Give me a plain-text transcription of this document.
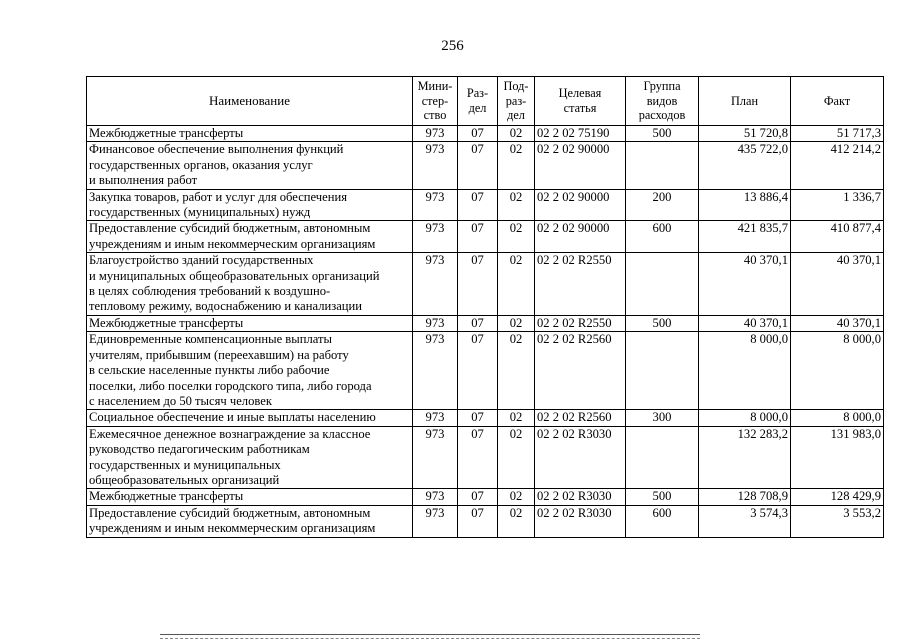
256
Наименование	Мини-
стер-
ство	Раз-
дел	Под-
раз-
дел	Целевая
статья	Группа
видов
расходов	План	Факт

Межбюджетные трансферты	973	07	02	02 2 02 75190	500	51 720,8	51 717,3

Финансовое обеспечение выполнения функций
государственных органов, оказания услуг
и выполнения работ	973	07	02	02 2 02 90000		435 722,0	412 214,2

Закупка товаров, работ и услуг для обеспечения
государственных (муниципальных) нужд	973	07	02	02 2 02 90000	200	13 886,4	1 336,7

Предоставление субсидий бюджетным, автономным
учреждениям и иным некоммерческим организациям	973	07	02	02 2 02 90000	600	421 835,7	410 877,4

Благоустройство зданий государственных
и муниципальных общеобразовательных организаций
в целях соблюдения требований к воздушно-
тепловому режиму, водоснабжению и канализации	973	07	02	02 2 02 R2550		40 370,1	40 370,1

Межбюджетные трансферты	973	07	02	02 2 02 R2550	500	40 370,1	40 370,1

Единовременные компенсационные выплаты
учителям, прибывшим (переехавшим) на работу
в сельские населенные пункты либо рабочие
поселки, либо поселки городского типа, либо города
с населением до 50 тысяч человек	973	07	02	02 2 02 R2560		8 000,0	8 000,0

Социальное обеспечение и иные выплаты населению	973	07	02	02 2 02 R2560	300	8 000,0	8 000,0

Ежемесячное денежное вознаграждение за классное
руководство педагогическим работникам
государственных и муниципальных
общеобразовательных организаций	973	07	02	02 2 02 R3030		132 283,2	131 983,0

Межбюджетные трансферты	973	07	02	02 2 02 R3030	500	128 708,9	128 429,9

Предоставление субсидий бюджетным, автономным
учреждениям и иным некоммерческим организациям	973	07	02	02 2 02 R3030	600	3 574,3	3 553,2
